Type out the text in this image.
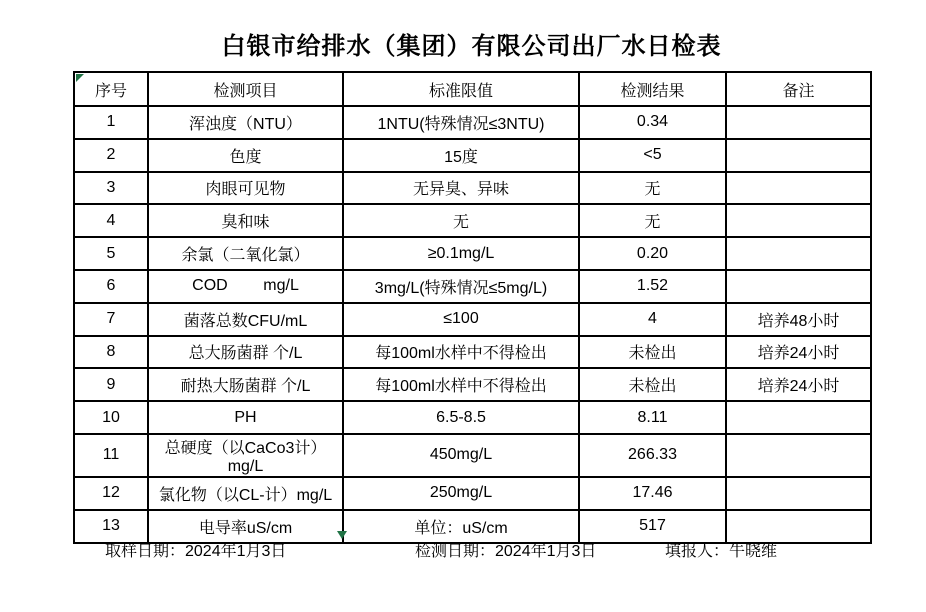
白银市给排水（集团）有限公司出厂水日检表
序号	检测项目	标准限值	检测结果	备注
1	浑浊度（NTU）	1NTU(特殊情况≤3NTU)	0.34	
2	色度	15度	<5	
3	肉眼可见物	无异臭、异味	无	
4	臭和味	无	无	
5	余氯（二氧化氯）	≥0.1mg/L	0.20	
6	COD        mg/L	3mg/L(特殊情况≤5mg/L)	1.52	
7	菌落总数CFU/mL	≤100	4	培养48小时
8	总大肠菌群 个/L	每100ml水样中不得检出	未检出	培养24小时
9	耐热大肠菌群 个/L	每100ml水样中不得检出	未检出	培养24小时
10	PH	6.5-8.5	8.11	
11	总硬度（以CaCo3计）mg/L	450mg/L	266.33	
12	氯化物（以CL-计）mg/L	250mg/L	17.46	
13	电导率uS/cm	单位：uS/cm	517	
取样日期：2024年1月3日	检测日期：2024年1月3日	填报人：牛晓维
